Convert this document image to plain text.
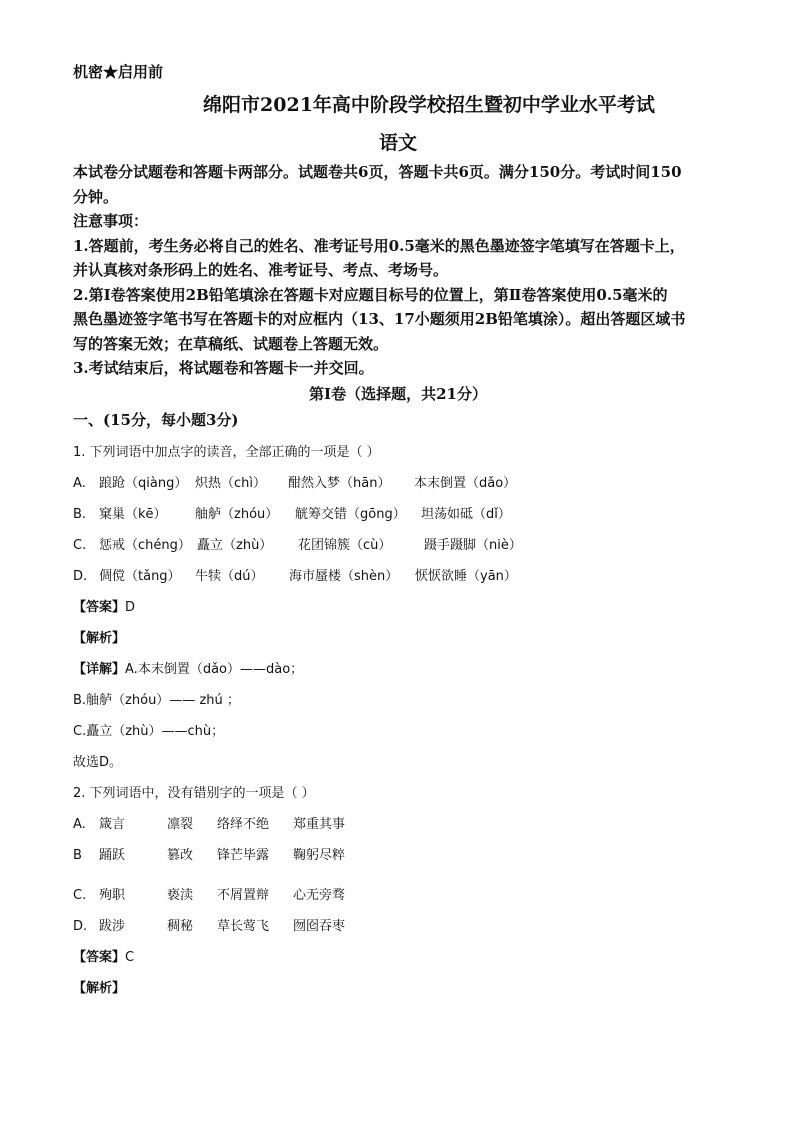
机密★启用前
绵阳市2021年高中阶段学校招生暨初中学业水平考试
语文
本试卷分试题卷和答题卡两部分。试题卷共6页，答题卡共6页。满分150分。考试时间150
分钟。
注意事项：
1.答题前，考生务必将自己的姓名、准考证号用0.5毫米的黑色墨迹签字笔填写在答题卡上，
并认真核对条形码上的姓名、准考证号、考点、考场号。
2.第Ⅰ卷答案使用2B铅笔填涂在答题卡对应题目标号的位置上，第Ⅱ卷答案使用0.5毫米的
黑色墨迹签字笔书写在答题卡的对应框内（13、17小题须用2B铅笔填涂）。超出答题区域书
写的答案无效；在草稿纸、试题卷上答题无效。
3.考试结束后，将试题卷和答题卡一并交回。
第Ⅰ卷（选择题，共21分）
一、(15分，每小题3分)
1. 下列词语中加点字的读音，全部正确的一项是（ ）
A. 踉跄（qiàng） 炽热（chì） 酣然入梦（hān） 本末倒置（dǎo）
B. 窠巢（kē） 舳舻（zhóu） 觥筹交错（gōng） 坦荡如砥（dǐ）
C. 惩戒（chéng） 矗立（zhù） 花团锦簇（cù）	蹑手蹑脚（niè）
D. 倜傥（tǎng） 牛犊（dú） 海市蜃楼（shèn） 恹恹欲睡（yān）
【答案】D
【解析】
【详解】A.本末倒置（dǎo）——dào；
B.舳舻（zhóu）—— zhú ；
C.矗立（zhù）——chù；
故选D。
2. 下列词语中，没有错别字的一项是（ ）
A. 箴言	凛裂 络绎不绝 郑重其事
B 踊跃	篡改 锋芒毕露 鞠躬尽粹
C. 殉职	亵渎 不屑置辩 心无旁骛
D. 跋涉	稠秘 草长莺飞 囫囵吞枣
【答案】C
【解析】
